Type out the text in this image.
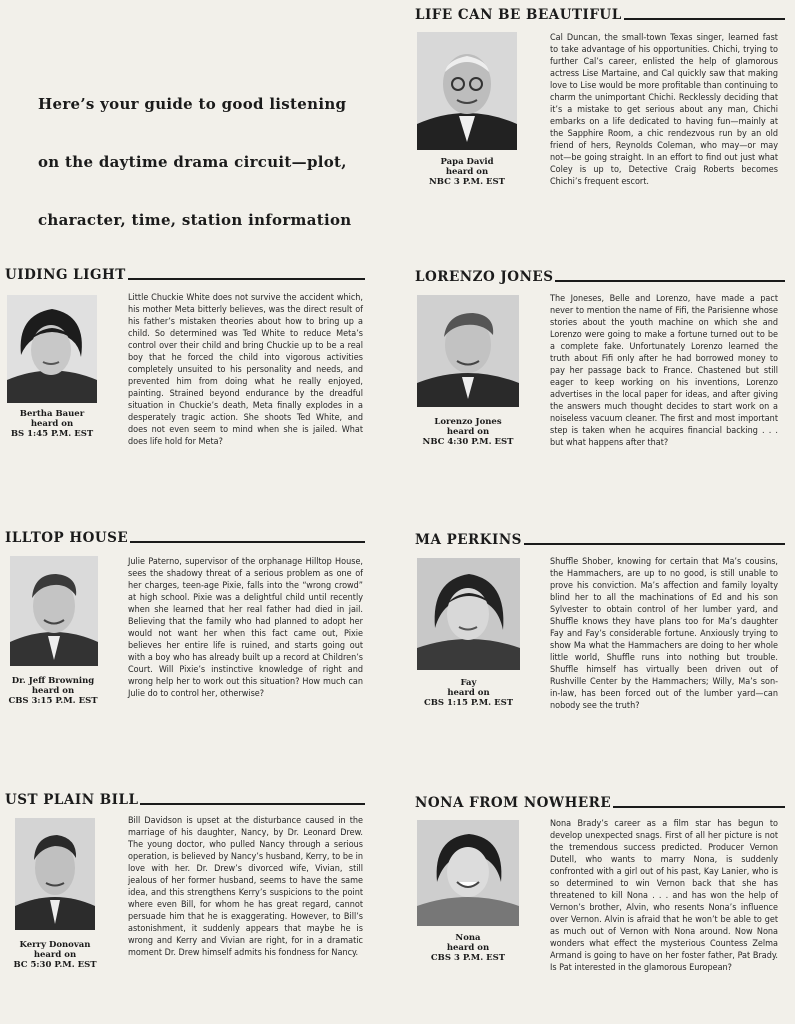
Here’s your guide to good listening

on the daytime drama circuit—plot,

character, time, station information

LIFE CAN BE BEAUTIFUL
Papa David
heard on
NBC 3 P.M. EST

Cal Duncan, the small-town Texas singer, learned fast to take advantage of his opportunities. Chichi, trying to further Cal’s career, enlisted the help of glamorous actress Lise Martaine, and Cal quickly saw that making love to Lise would be more profitable than continuing to charm the unimportant Chichi. Recklessly deciding that it’s a mistake to get serious about any man, Chichi embarks on a life dedicated to having fun—mainly at the Sapphire Room, a chic rendezvous run by an old friend of hers, Reynolds Coleman, who may—or may not—be going straight. In an effort to find out just what Coley is up to, Detective Craig Roberts becomes Chichi’s frequent escort.

UIDING LIGHT
Bertha Bauer
heard on
BS 1:45 P.M. EST

Little Chuckie White does not survive the accident which, his mother Meta bitterly believes, was the direct result of his father’s mistaken theories about how to bring up a child. So determined was Ted White to reduce Meta’s control over their child and bring Chuckie up to be a real boy that he forced the child into vigorous activities completely unsuited to his personality and needs, and prevented him from doing what he really enjoyed, painting. Strained beyond endurance by the dreadful situation in Chuckie’s death, Meta finally explodes in a desperately tragic action. She shoots Ted White, and does not even seem to mind when she is jailed. What does life hold for Meta?

LORENZO JONES
Lorenzo Jones
heard on
NBC 4:30 P.M. EST

The Joneses, Belle and Lorenzo, have made a pact never to mention the name of Fifi, the Parisienne whose stories about the youth machine on which she and Lorenzo were going to make a fortune turned out to be a complete fake. Unfortunately Lorenzo learned the truth about Fifi only after he had borrowed money to pay her passage back to France. Chastened but still eager to keep working on his inventions, Lorenzo advertises in the local paper for ideas, and after giving the answers much thought decides to start work on a noiseless vacuum cleaner. The first and most important step is taken when he acquires financial backing . . . but what happens after that?

ILLTOP HOUSE
Dr. Jeff Browning
heard on
CBS 3:15 P.M. EST

Julie Paterno, supervisor of the orphanage Hilltop House, sees the shadowy threat of a serious problem as one of her charges, teen-age Pixie, falls into the “wrong crowd” at high school. Pixie was a delightful child until recently when she learned that her real father had died in jail. Believing that the family who had planned to adopt her would not want her when this fact came out, Pixie believes her entire life is ruined, and starts going out with a boy who has already built up a record at Children’s Court. Will Pixie’s instinctive knowledge of right and wrong help her to work out this situation? How much can Julie do to control her, otherwise?

MA PERKINS
Fay
heard on
CBS 1:15 P.M. EST

Shuffle Shober, knowing for certain that Ma’s cousins, the Hammachers, are up to no good, is still unable to prove his conviction. Ma’s affection and family loyalty blind her to all the machinations of Ed and his son Sylvester to obtain control of her lumber yard, and Shuffle knows they have plans too for Ma’s daughter Fay and Fay’s considerable fortune. Anxiously trying to show Ma what the Hammachers are doing to her whole little world, Shuffle runs into nothing but trouble. Shuffle himself has virtually been driven out of Rushville Center by the Hammachers; Willy, Ma’s son-in-law, has been forced out of the lumber yard—can nobody see the truth?

UST PLAIN BILL
Kerry Donovan
heard on
BC 5:30 P.M. EST

Bill Davidson is upset at the disturbance caused in the marriage of his daughter, Nancy, by Dr. Leonard Drew. The young doctor, who pulled Nancy through a serious operation, is believed by Nancy’s husband, Kerry, to be in love with her. Dr. Drew’s divorced wife, Vivian, still jealous of her former husband, seems to have the same idea, and this strengthens Kerry’s suspicions to the point where even Bill, for whom he has great regard, cannot persuade him that he is exaggerating. However, to Bill’s astonishment, it suddenly appears that maybe he is wrong and Kerry and Vivian are right, for in a dramatic moment Dr. Drew himself admits his fondness for Nancy.

NONA FROM NOWHERE
Nona
heard on
CBS 3 P.M. EST

Nona Brady’s career as a film star has begun to develop unexpected snags. First of all her picture is not the tremendous success predicted. Producer Vernon Dutell, who wants to marry Nona, is suddenly confronted with a girl out of his past, Kay Lanier, who is so determined to win Vernon back that she has threatened to kill Nona . . . and has won the help of Vernon’s brother, Alvin, who resents Nona’s influence over Vernon. Alvin is afraid that he won’t be able to get as much out of Vernon with Nona around. Now Nona wonders what effect the mysterious Countess Zelma Armand is going to have on her foster father, Pat Brady. Is Pat interested in the glamorous European?
